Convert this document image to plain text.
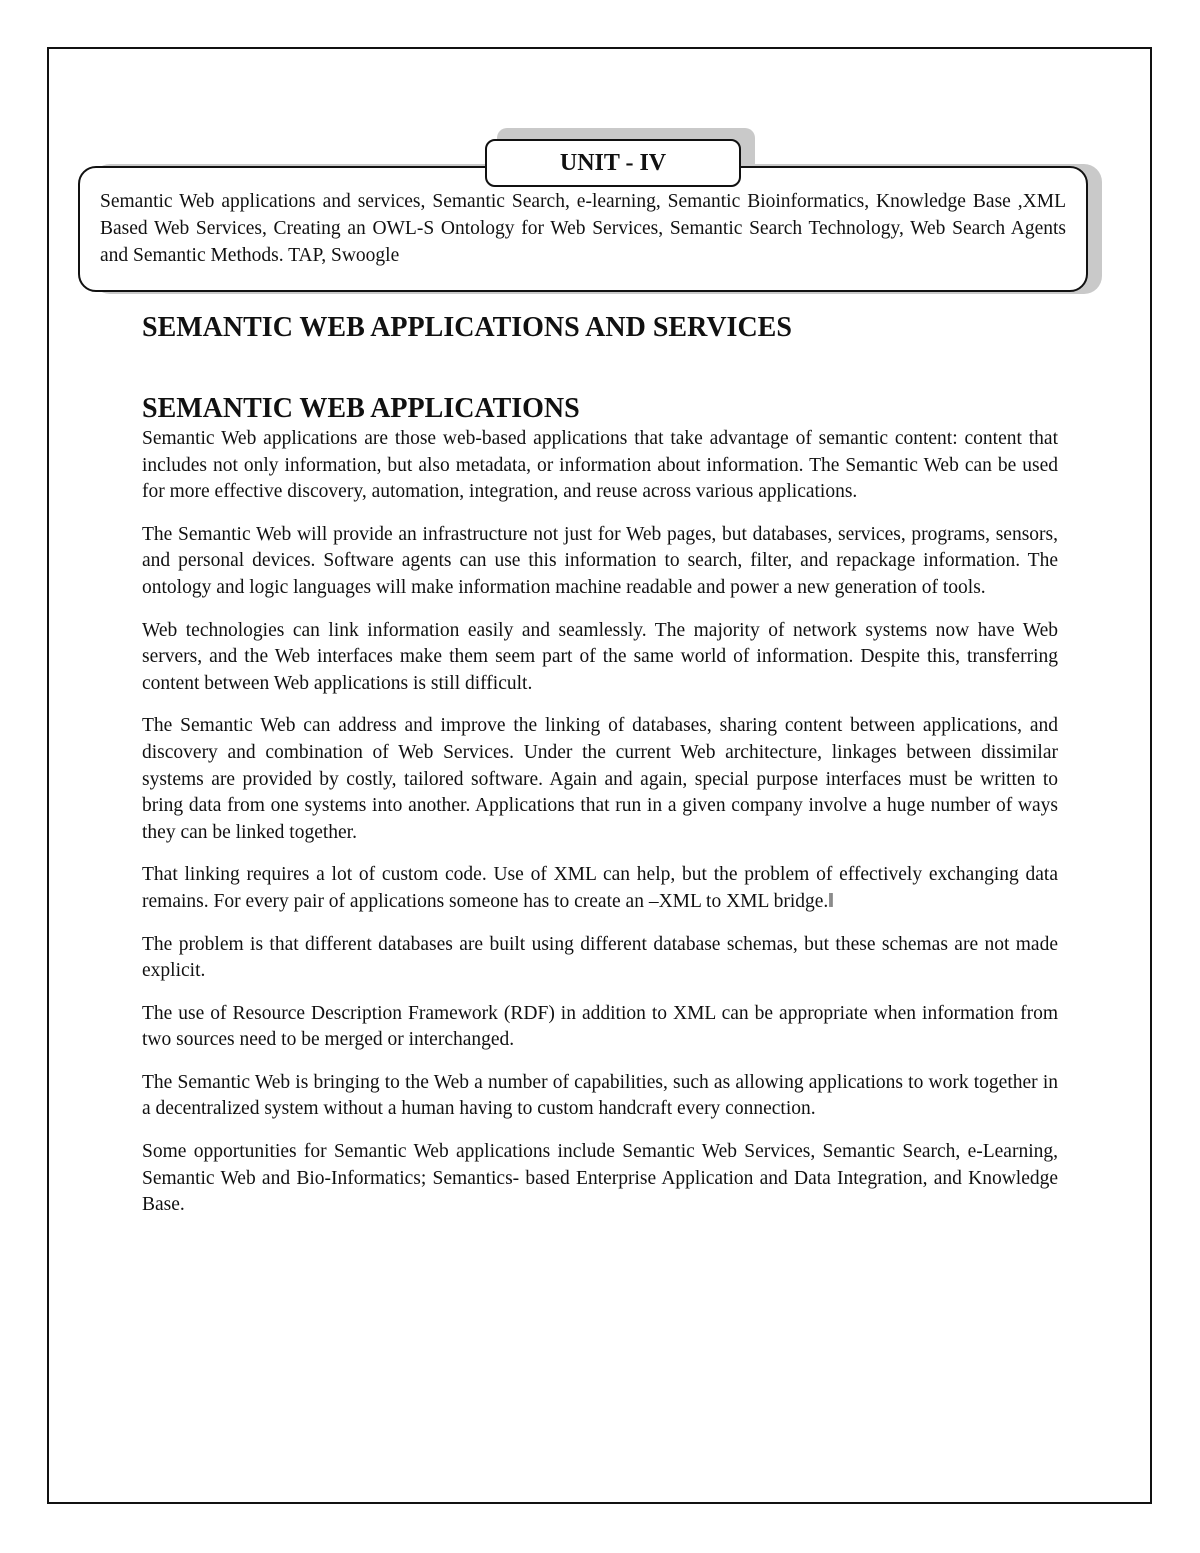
Semantic Web applications and services, Semantic Search, e-learning, Semantic Bioinformatics, Knowledge Base ,XML Based Web Services, Creating an OWL-S Ontology for Web Services, Semantic Search Technology, Web Search Agents and Semantic Methods. TAP, Swoogle

UNIT - IV
SEMANTIC WEB APPLICATIONS AND SERVICES
SEMANTIC WEB APPLICATIONS

Semantic Web applications are those web-based applications that take advantage of semantic content: content that includes not only information, but also metadata, or information about information. The Semantic Web can be used for more effective discovery, automation, integration, and reuse across various applications.

The Semantic Web will provide an infrastructure not just for Web pages, but databases, services, programs, sensors, and personal devices. Software agents can use this information to search, filter, and repackage information. The ontology and logic languages will make information machine readable and power a new generation of tools.

Web technologies can link information easily and seamlessly. The majority of network systems now have Web servers, and the Web interfaces make them seem part of the same world of information. Despite this, transferring content between Web applications is still difficult.

The Semantic Web can address and improve the linking of databases, sharing content between applications, and discovery and combination of Web Services. Under the current Web architecture, linkages between dissimilar systems are provided by costly, tailored software. Again and again, special purpose interfaces must be written to bring data from one systems into another. Applications that run in a given company involve a huge number of ways they can be linked together.

That linking requires a lot of custom code. Use of XML can help, but the problem of effectively exchanging data remains. For every pair of applications someone has to create an –XML to XML bridge.‖

The problem is that different databases are built using different database schemas, but these schemas are not made explicit.

The use of Resource Description Framework (RDF) in addition to XML can be appropriate when information from two sources need to be merged or interchanged.

The Semantic Web is bringing to the Web a number of capabilities, such as allowing applications to work together in a decentralized system without a human having to custom handcraft every connection.

Some opportunities for Semantic Web applications include Semantic Web Services, Semantic Search, e-Learning, Semantic Web and Bio-Informatics; Semantics- based Enterprise Application and Data Integration, and Knowledge Base.
